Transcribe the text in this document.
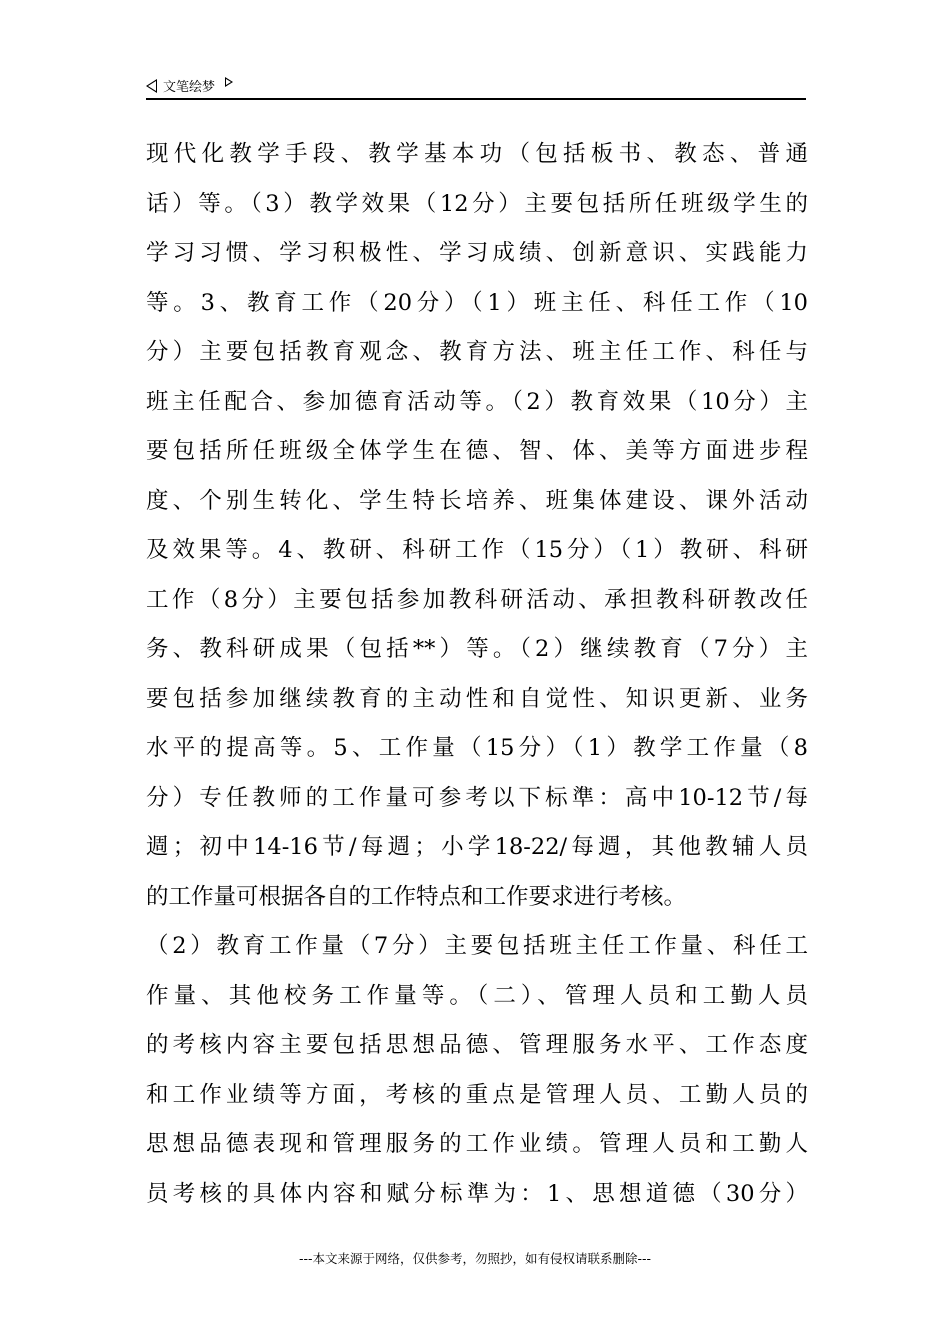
文笔绘梦
现代化教学手段、教学基本功（包括板书、教态、普通
话）等。（3）教学效果（12分）主要包括所任班级学生的
学习习惯、学习积极性、学习成绩、创新意识、实践能力
等。3、教育工作（20分）（1）班主任、科任工作（10
分）主要包括教育观念、教育方法、班主任工作、科任与
班主任配合、参加德育活动等。（2）教育效果（10分）主
要包括所任班级全体学生在德、智、体、美等方面进步程
度、个别生转化、学生特长培养、班集体建设、课外活动
及效果等。4、教研、科研工作（15分）（1）教研、科研
工作（8分）主要包括参加教科研活动、承担教科研教改任
务、教科研成果（包括**）等。（2）继续教育（7分）主
要包括参加继续教育的主动性和自觉性、知识更新、业务
水平的提高等。5、工作量（15分）（1）教学工作量（8
分）专任教师的工作量可参考以下标準：高中10-12节/每
週；初中14-16节/每週；小学18-22/每週，其他教辅人员
的工作量可根据各自的工作特点和工作要求进行考核。
（2）教育工作量（7分）主要包括班主任工作量、科任工
作量、其他校务工作量等。（二）、管理人员和工勤人员
的考核内容主要包括思想品德、管理服务水平、工作态度
和工作业绩等方面，考核的重点是管理人员、工勤人员的
思想品德表现和管理服务的工作业绩。管理人员和工勤人
员考核的具体内容和赋分标準为：1、思想道德（30分）
---本文来源于网络，仅供参考，勿照抄，如有侵权请联系删除---
